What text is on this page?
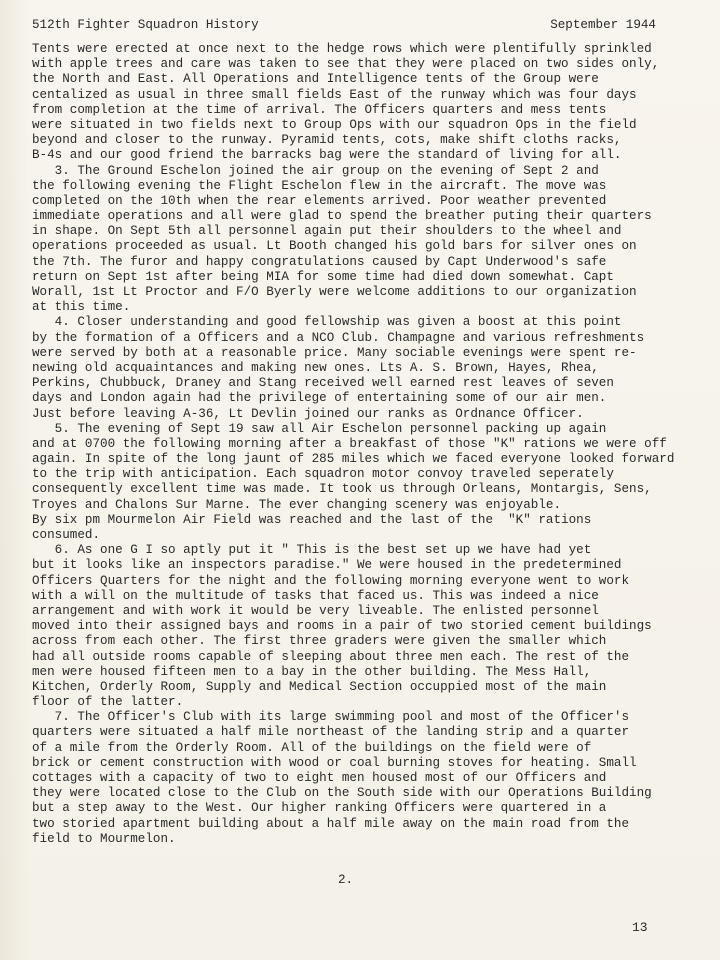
512th Fighter Squadron History	September 1944
Tents were erected at once next to the hedge rows which were plentifully sprinkled
with apple trees and care was taken to see that they were placed on two sides only,
the North and East. All Operations and Intelligence tents of the Group were
centalized as usual in three small fields East of the runway which was four days
from completion at the time of arrival. The Officers quarters and mess tents
were situated in two fields next to Group Ops with our squadron Ops in the field
beyond and closer to the runway. Pyramid tents, cots, make shift cloths racks,
B-4s and our good friend the barracks bag were the standard of living for all.
3. The Ground Eschelon joined the air group on the evening of Sept 2 and
the following evening the Flight Eschelon flew in the aircraft. The move was
completed on the 10th when the rear elements arrived. Poor weather prevented
immediate operations and all were glad to spend the breather puting their quarters
in shape. On Sept 5th all personnel again put their shoulders to the wheel and
operations proceeded as usual. Lt Booth changed his gold bars for silver ones on
the 7th. The furor and happy congratulations caused by Capt Underwood's safe
return on Sept 1st after being MIA for some time had died down somewhat. Capt
Worall, 1st Lt Proctor and F/O Byerly were welcome additions to our organization
at this time.
4. Closer understanding and good fellowship was given a boost at this point
by the formation of a Officers and a NCO Club. Champagne and various refreshments
were served by both at a reasonable price. Many sociable evenings were spent re-
newing old acquaintances and making new ones. Lts A. S. Brown, Hayes, Rhea,
Perkins, Chubbuck, Draney and Stang received well earned rest leaves of seven
days and London again had the privilege of entertaining some of our air men.
Just before leaving A-36, Lt Devlin joined our ranks as Ordnance Officer.
5. The evening of Sept 19 saw all Air Eschelon personnel packing up again
and at 0700 the following morning after a breakfast of those "K" rations we were off
again. In spite of the long jaunt of 285 miles which we faced everyone looked forward
to the trip with anticipation. Each squadron motor convoy traveled seperately
consequently excellent time was made. It took us through Orleans, Montargis, Sens,
Troyes and Chalons Sur Marne. The ever changing scenery was enjoyable.
By six pm Mourmelon Air Field was reached and the last of the  "K" rations
consumed.
6. As one G I so aptly put it " This is the best set up we have had yet
but it looks like an inspectors paradise." We were housed in the predetermined
Officers Quarters for the night and the following morning everyone went to work
with a will on the multitude of tasks that faced us. This was indeed a nice
arrangement and with work it would be very liveable. The enlisted personnel
moved into their assigned bays and rooms in a pair of two storied cement buildings
across from each other. The first three graders were given the smaller which
had all outside rooms capable of sleeping about three men each. The rest of the
men were housed fifteen men to a bay in the other building. The Mess Hall,
Kitchen, Orderly Room, Supply and Medical Section occuppied most of the main
floor of the latter.
7. The Officer's Club with its large swimming pool and most of the Officer's
quarters were situated a half mile northeast of the landing strip and a quarter
of a mile from the Orderly Room. All of the buildings on the field were of
brick or cement construction with wood or coal burning stoves for heating. Small
cottages with a capacity of two to eight men housed most of our Officers and
they were located close to the Club on the South side with our Operations Building
but a step away to the West. Our higher ranking Officers were quartered in a
two storied apartment building about a half mile away on the main road from the
field to Mourmelon.
2.
13
